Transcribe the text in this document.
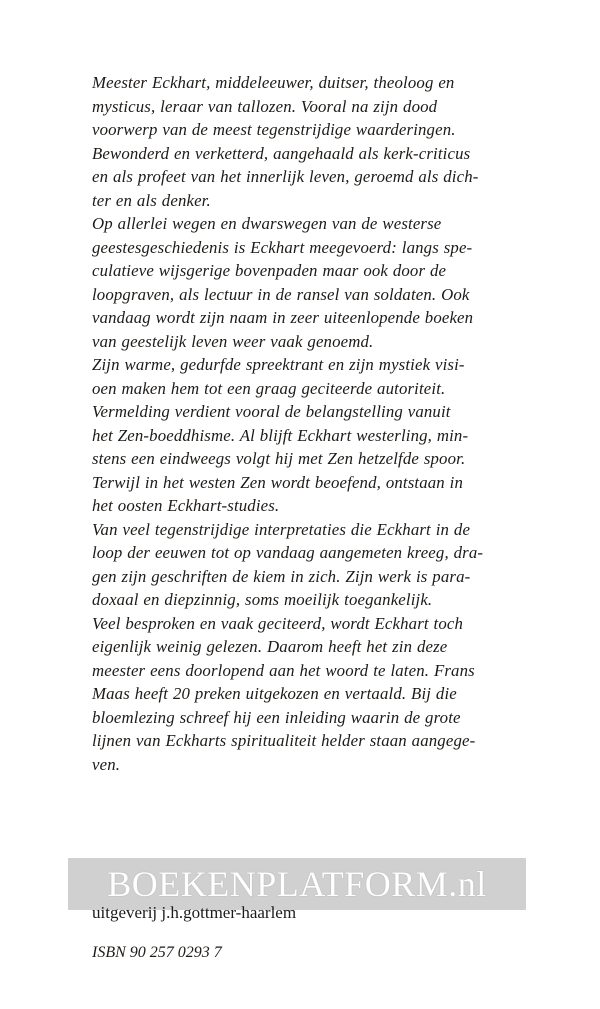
Meester Eckhart, middeleeuwer, duitser, theoloog en
mysticus, leraar van tallozen. Vooral na zijn dood
voorwerp van de meest tegenstrijdige waarderingen.
Bewonderd en verketterd, aangehaald als kerk-criticus
en als profeet van het innerlijk leven, geroemd als dich-
ter en als denker.
Op allerlei wegen en dwarswegen van de westerse
geestesgeschiedenis is Eckhart meegevoerd: langs spe-
culatieve wijsgerige bovenpaden maar ook door de
loopgraven, als lectuur in de ransel van soldaten. Ook
vandaag wordt zijn naam in zeer uiteenlopende boeken
van geestelijk leven weer vaak genoemd.
Zijn warme, gedurfde spreektrant en zijn mystiek visi-
oen maken hem tot een graag geciteerde autoriteit.
Vermelding verdient vooral de belangstelling vanuit
het Zen-boeddhisme. Al blijft Eckhart westerling, min-
stens een eindweegs volgt hij met Zen hetzelfde spoor.
Terwijl in het westen Zen wordt beoefend, ontstaan in
het oosten Eckhart-studies.
Van veel tegenstrijdige interpretaties die Eckhart in de
loop der eeuwen tot op vandaag aangemeten kreeg, dra-
gen zijn geschriften de kiem in zich. Zijn werk is para-
doxaal en diepzinnig, soms moeilijk toegankelijk.
Veel besproken en vaak geciteerd, wordt Eckhart toch
eigenlijk weinig gelezen. Daarom heeft het zin deze
meester eens doorlopend aan het woord te laten. Frans
Maas heeft 20 preken uitgekozen en vertaald. Bij die
bloemlezing schreef hij een inleiding waarin de grote
lijnen van Eckharts spiritualiteit helder staan aangege-
ven.
uitgeverij j.h.gottmer-haarlem
BOEKENPLATFORM.nl
ISBN 90 257 0293 7
